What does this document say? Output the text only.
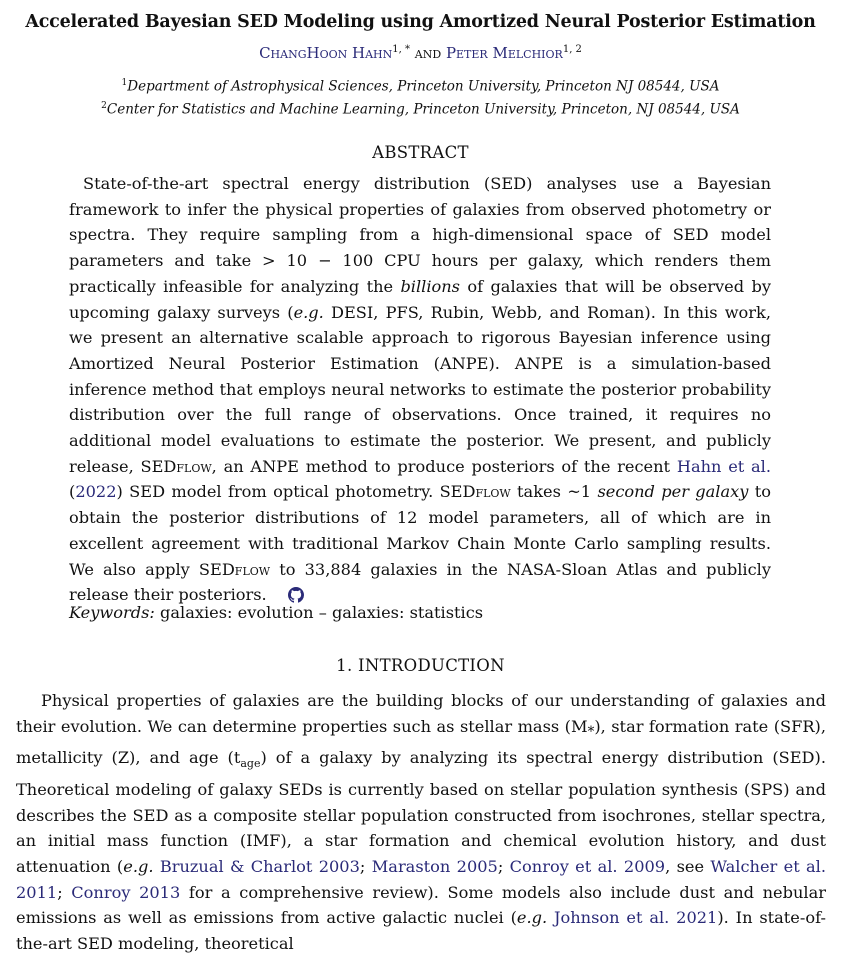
Accelerated Bayesian SED Modeling using Amortized Neural Posterior Estimation
ChangHoon Hahn$^{1, *}$ and Peter Melchior$^{1, 2}$
$^1$Department of Astrophysical Sciences, Princeton University, Princeton NJ 08544, USA
$^2$Center for Statistics and Machine Learning, Princeton University, Princeton, NJ 08544, USA
ABSTRACT

State-of-the-art spectral energy distribution (SED) analyses use a Bayesian framework to infer the physical properties of galaxies from observed photometry or spectra. They require sampling from a high-dimensional space of SED model parameters and take > 10 − 100 CPU hours per galaxy, which renders them practically infeasible for analyzing the billions of galaxies that will be observed by upcoming galaxy surveys (e.g. DESI, PFS, Rubin, Webb, and Roman). In this work, we present an alternative scalable approach to rigorous Bayesian inference using Amortized Neural Posterior Estimation (ANPE). ANPE is a simulation-based inference method that employs neural networks to estimate the posterior probability distribution over the full range of observations. Once trained, it requires no additional model evaluations to estimate the posterior. We present, and publicly release, SEDflow, an ANPE method to produce posteriors of the recent Hahn et al. (2022) SED model from optical photometry. SEDflow takes ~1 second per galaxy to obtain the posterior distributions of 12 model parameters, all of which are in excellent agreement with traditional Markov Chain Monte Carlo sampling results. We also apply SEDflow to 33,884 galaxies in the NASA-Sloan Atlas and publicly release their posteriors.

Keywords: galaxies: evolution – galaxies: statistics
1. INTRODUCTION

Physical properties of galaxies are the building blocks of our understanding of galaxies and their evolution. We can determine properties such as stellar mass $(M_*)$, star formation rate (SFR), metallicity (Z), and age $(t_{age})$ of a galaxy by analyzing its spectral energy distribution (SED). Theoretical modeling of galaxy SEDs is currently based on stellar population synthesis (SPS) and describes the SED as a composite stellar population constructed from isochrones, stellar spectra, an initial mass function (IMF), a star formation and chemical evolution history, and dust attenuation (e.g. Bruzual & Charlot 2003; Maraston 2005; Conroy et al. 2009, see Walcher et al. 2011; Conroy 2013 for a comprehensive review). Some models also include dust and nebular emissions as well as emissions from active galactic nuclei (e.g. Johnson et al. 2021). In state-of-the-art SED modeling, theoretical
